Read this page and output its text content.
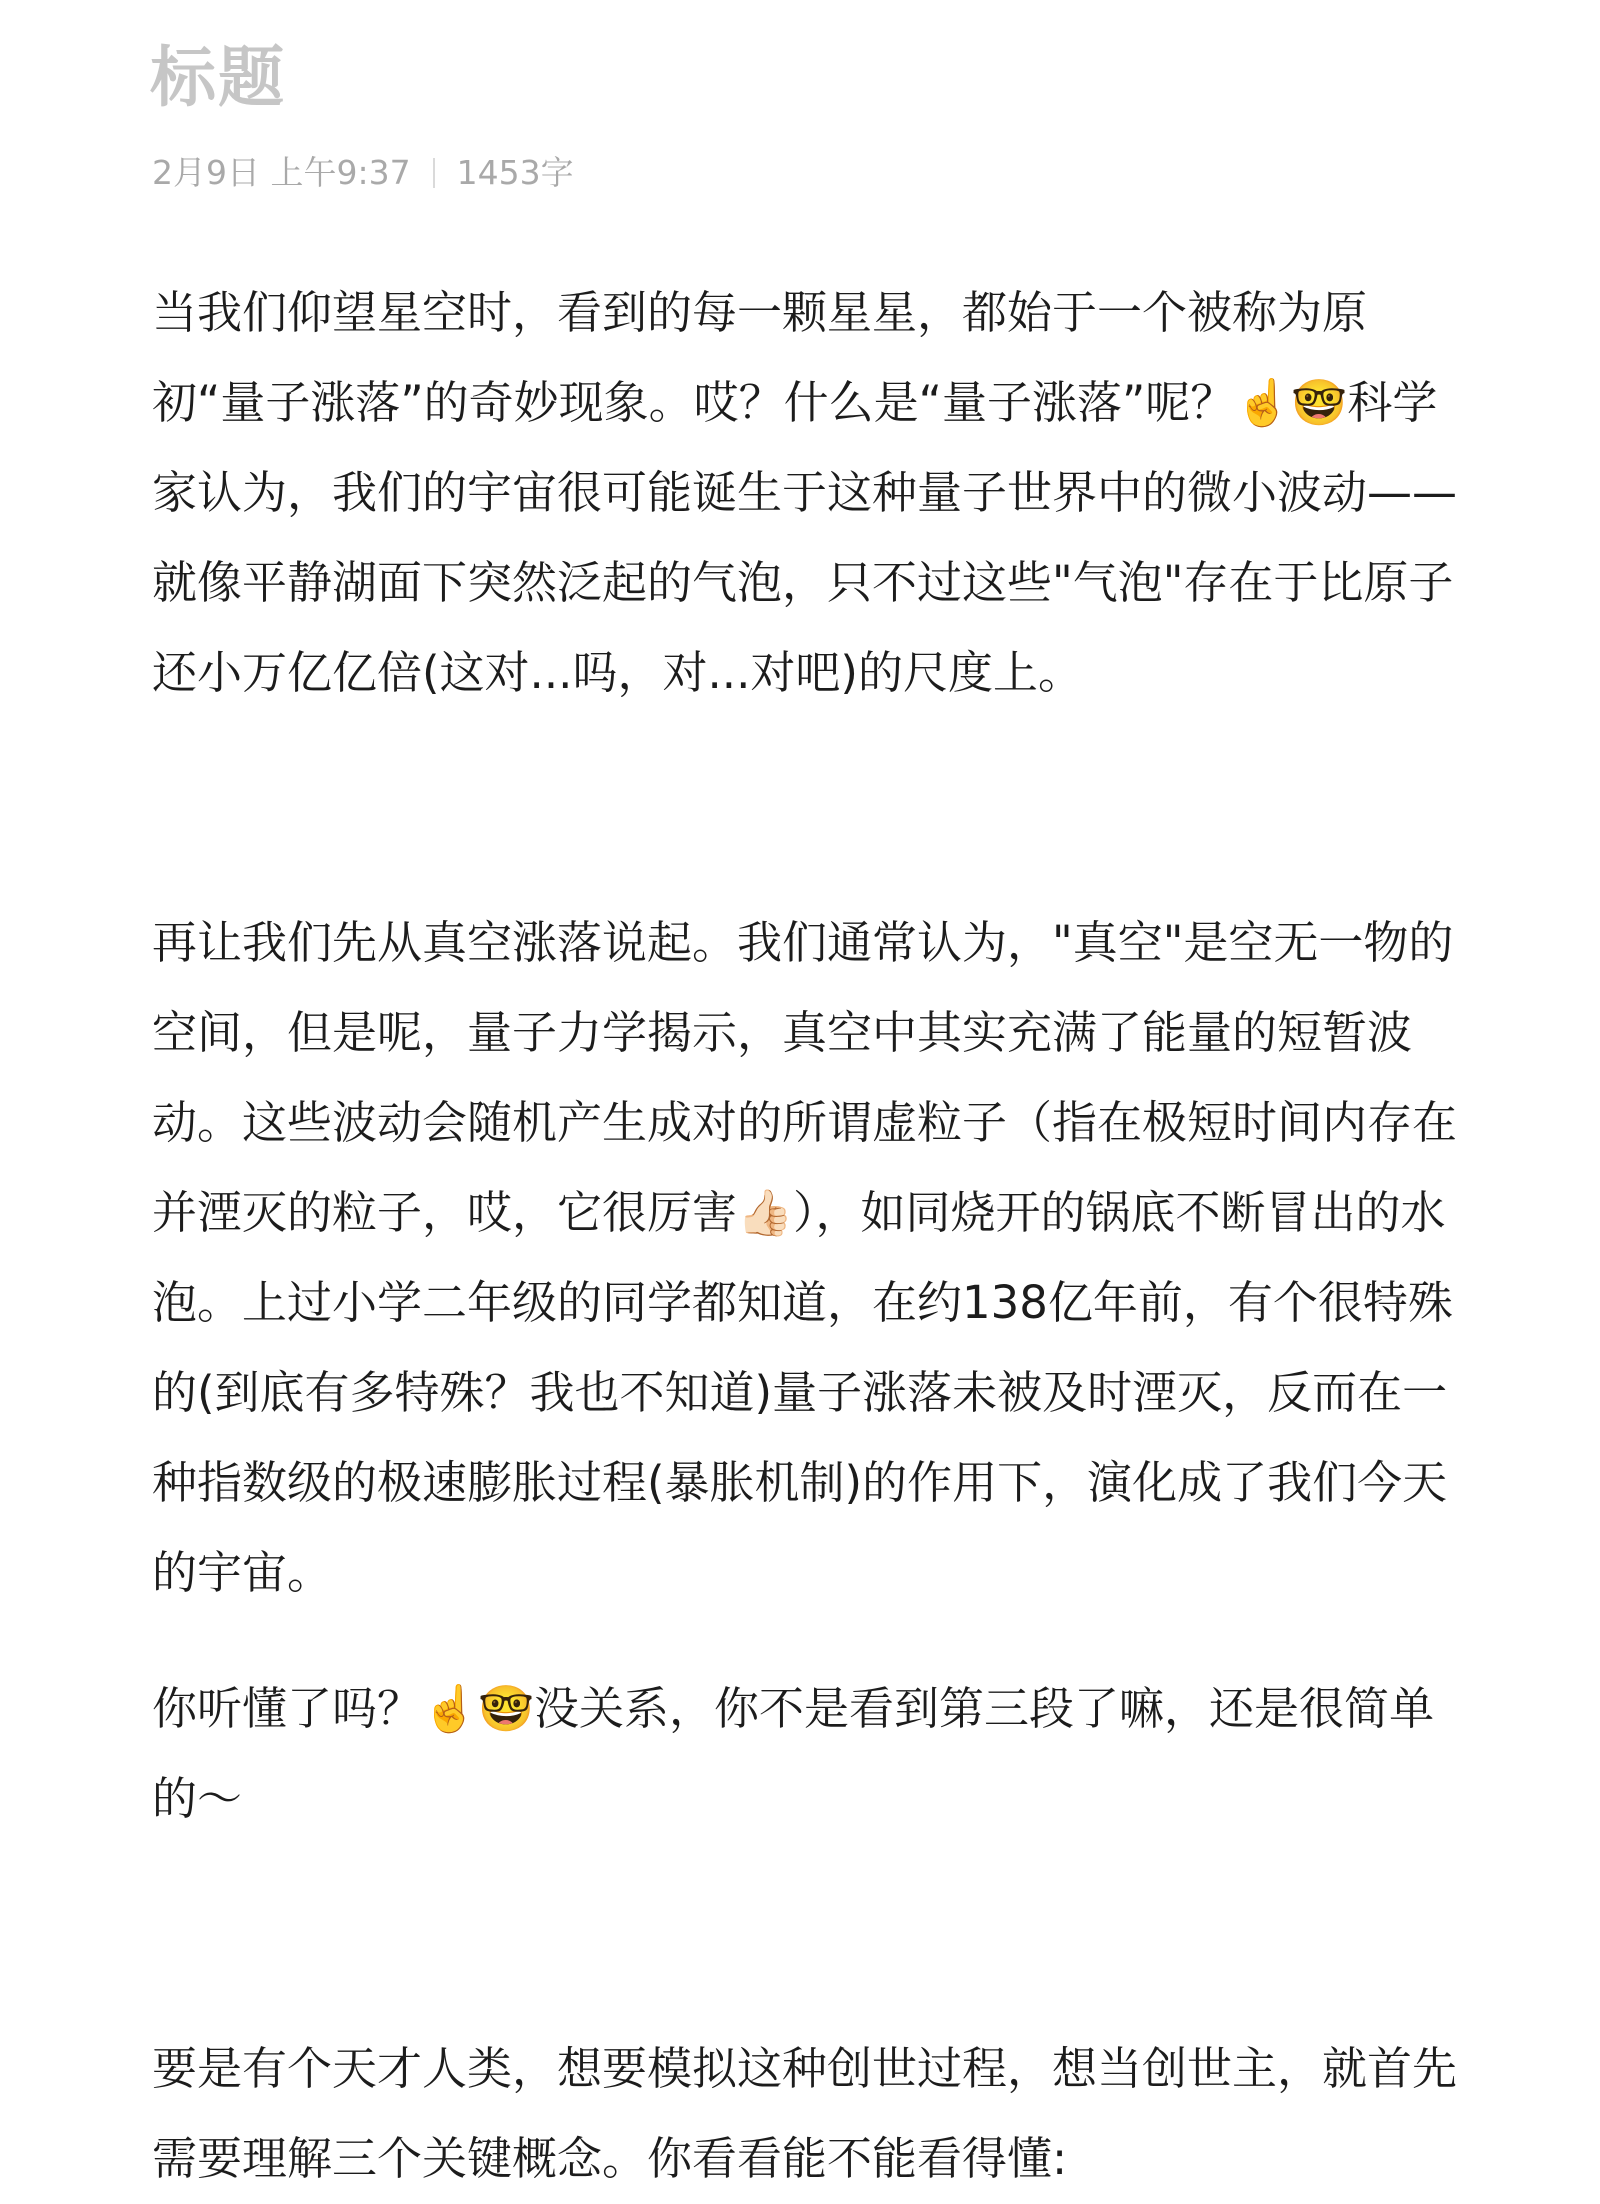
标题
2月9日 上午9:37 1453字

当我们仰望星空时，看到的每一颗星星，都始于一个被称为原初“量子涨落”的奇妙现象。哎？什么是“量子涨落”呢？☝️🤓科学家认为，我们的宇宙很可能诞生于这种量子世界中的微小波动——就像平静湖面下突然泛起的气泡，只不过这些"气泡"存在于比原子还小万亿亿倍(这对...吗，对...对吧)的尺度上。

再让我们先从真空涨落说起。我们通常认为，"真空"是空无一物的空间，但是呢，量子力学揭示，真空中其实充满了能量的短暂波动。这些波动会随机产生成对的所谓虚粒子（指在极短时间内存在并湮灭的粒子，哎，它很厉害👍🏻），如同烧开的锅底不断冒出的水泡。上过小学二年级的同学都知道，在约138亿年前，有个很特殊的(到底有多特殊？我也不知道)量子涨落未被及时湮灭，反而在一种指数级的极速膨胀过程(暴胀机制)的作用下，演化成了我们今天的宇宙。

你听懂了吗？☝️🤓没关系，你不是看到第三段了嘛，还是很简单的～

要是有个天才人类，想要模拟这种创世过程，想当创世主，就首先需要理解三个关键概念。你看看能不能看得懂:
